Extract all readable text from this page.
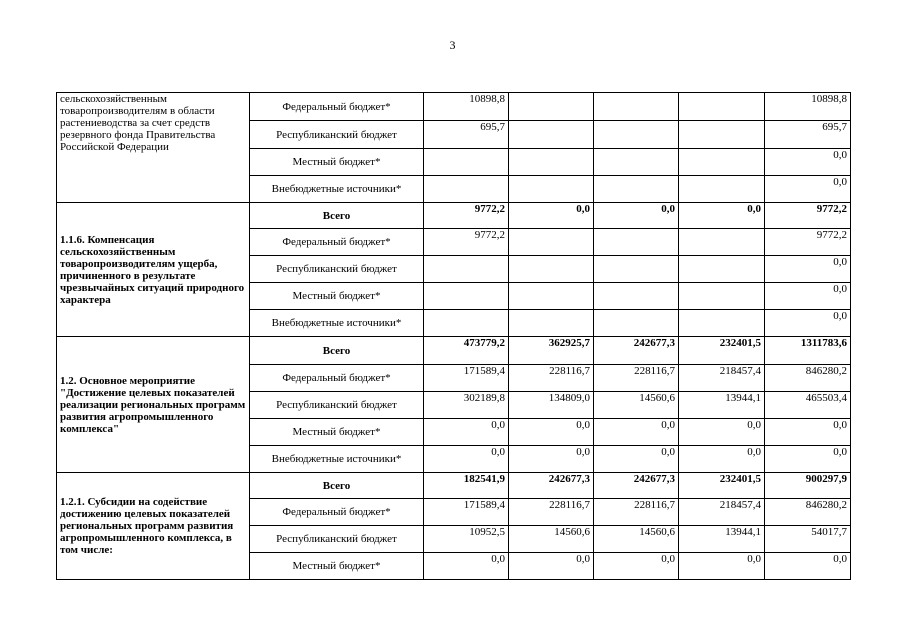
3
сельскохозяйственным товаропроизводителям в области растениеводства за счет средств резервного фонда Правительства Российской Федерации	Федеральный бюджет*	10898,8				10898,8
	Республиканский бюджет	695,7				695,7
	Местный бюджет*					0,0
	Внебюджетные источники*					0,0
1.1.6. Компенсация сельскохозяйственным товаропроизводителям ущерба, причиненного в результате чрезвычайных ситуаций природного характера	Всего	9772,2	0,0	0,0	0,0	9772,2
	Федеральный бюджет*	9772,2				9772,2
	Республиканский бюджет					0,0
	Местный бюджет*					0,0
	Внебюджетные источники*					0,0
1.2. Основное мероприятие "Достижение целевых показателей реализации региональных программ развития агропромышленного комплекса"	Всего	473779,2	362925,7	242677,3	232401,5	1311783,6
	Федеральный бюджет*	171589,4	228116,7	228116,7	218457,4	846280,2
	Республиканский бюджет	302189,8	134809,0	14560,6	13944,1	465503,4
	Местный бюджет*	0,0	0,0	0,0	0,0	0,0
	Внебюджетные источники*	0,0	0,0	0,0	0,0	0,0
1.2.1. Субсидии на содействие достижению целевых показателей региональных программ развития агропромышленного комплекса, в том числе:	Всего	182541,9	242677,3	242677,3	232401,5	900297,9
	Федеральный бюджет*	171589,4	228116,7	228116,7	218457,4	846280,2
	Республиканский бюджет	10952,5	14560,6	14560,6	13944,1	54017,7
	Местный бюджет*	0,0	0,0	0,0	0,0	0,0
